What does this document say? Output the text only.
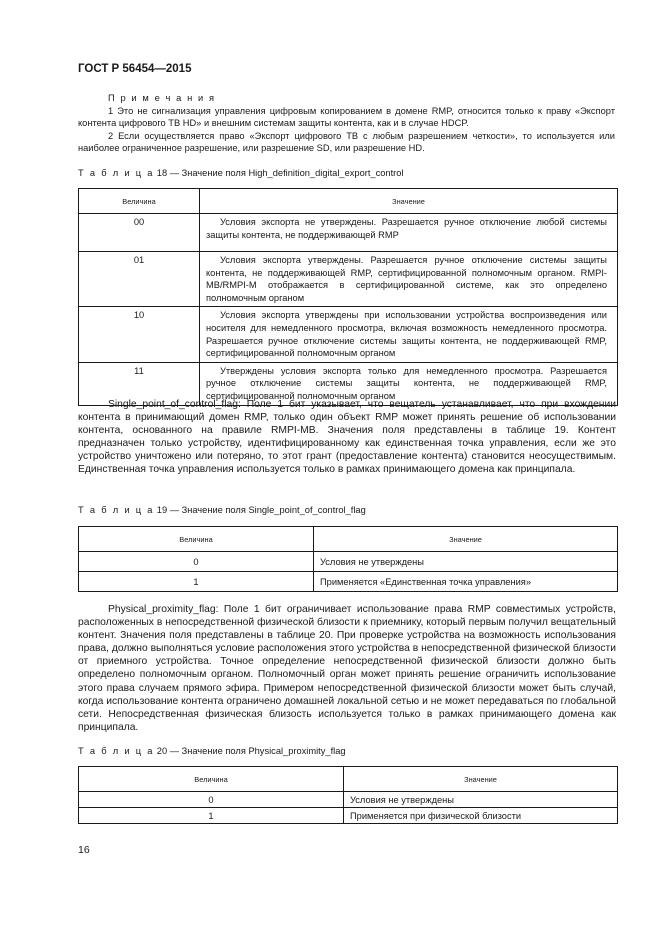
ГОСТ Р 56454—2015
П р и м е ч а н и я

1 Это не сигнализация управления цифровым копированием в домене RMP, относится только к праву «Экспорт контента цифрового ТВ HD» и внешним системам защиты контента, как и в случае HDCP.

2 Если осуществляется право «Экспорт цифрового ТВ с любым разрешением четкости», то используется или наиболее ограниченное разрешение, или разрешение SD, или разрешение HD.

Т а б л и ц а 18 — Значение поля High_definition_digital_export_control
Величина	Значение
00	Условия экспорта не утверждены. Разрешается ручное отключение любой системы защиты контента, не поддерживающей RMP
01	Условия экспорта утверждены. Разрешается ручное отключение системы защиты контента, не поддерживающей RMP, сертифицированной полномочным органом. RMPI-MB/RMPI-M отображается в сертифицированной системе, как это определено полномочным органом
10	Условия экспорта утверждены при использовании устройства воспроизведения или носителя для немедленного просмотра, включая возможность немедленного просмотра. Разрешается ручное отключение системы защиты контента, не поддерживающей RMP, сертифицированной полномочным органом
11	Утверждены условия экспорта только для немедленного просмотра. Разрешается ручное отключение системы защиты контента, не поддерживающей RMP, сертифицированной полномочным органом

Single_point_of_control_flag: Поле 1 бит указывает, что вещатель устанавливает, что при вхождении контента в принимающий домен RMP, только один объект RMP может принять решение об использовании контента, основанного на правиле RMPI-MB. Значения поля представлены в таблице 19. Контент предназначен только устройству, идентифицированному как единственная точка управления, если же это устройство уничтожено или потеряно, то этот грант (предоставление контента) становится неосуществимым. Единственная точка управления используется только в рамках принимающего домена как принципала.

Т а б л и ц а 19 — Значение поля Single_point_of_control_flag
Величина	Значение
0	Условия не утверждены
1	Применяется «Единственная точка управления»

Physical_proximity_flag: Поле 1 бит ограничивает использование права RMP совместимых устройств, расположенных в непосредственной физической близости к приемнику, который первым получил вещательный контент. Значения поля представлены в таблице 20. При проверке устройства на возможность использования права, должно выполняться условие расположения этого устройства в непосредственной физической близости от приемного устройства. Точное определение непосредственной физической близости должно быть определено полномочным органом. Полномочный орган может принять решение ограничить использование этого права случаем прямого эфира. Примером непосредственной физической близости может быть случай, когда использование контента ограничено домашней локальной сетью и не может передаваться по глобальной сети. Непосредственная физическая близость используется только в рамках принимающего домена как принципала.

Т а б л и ц а 20 — Значение поля Physical_proximity_flag
Величина	Значение
0	Условия не утверждены
1	Применяется при физической близости
16
